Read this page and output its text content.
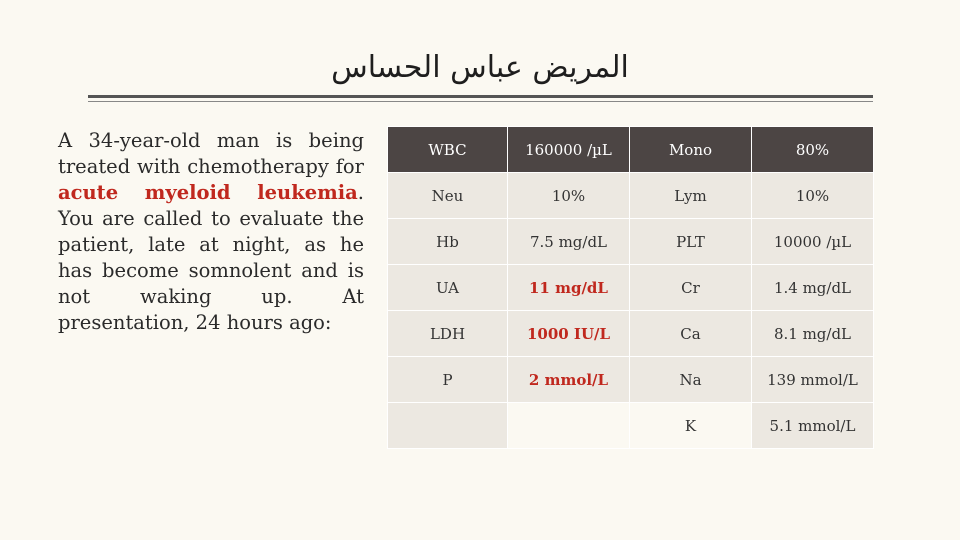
المريض عباس الحساس
A 34-year-old man is being treated with chemotherapy for acute myeloid leukemia. You are called to evaluate the patient, late at night, as he has become somnolent and is not waking up. At presentation, 24 hours ago:
WBC	160000 /µL	Mono	80%
Neu	10%	Lym	10%
Hb	7.5 mg/dL	PLT	10000 /µL
UA	11 mg/dL	Cr	1.4 mg/dL
LDH	1000 IU/L	Ca	8.1 mg/dL
P	2 mmol/L	Na	139 mmol/L
		K	5.1 mmol/L
